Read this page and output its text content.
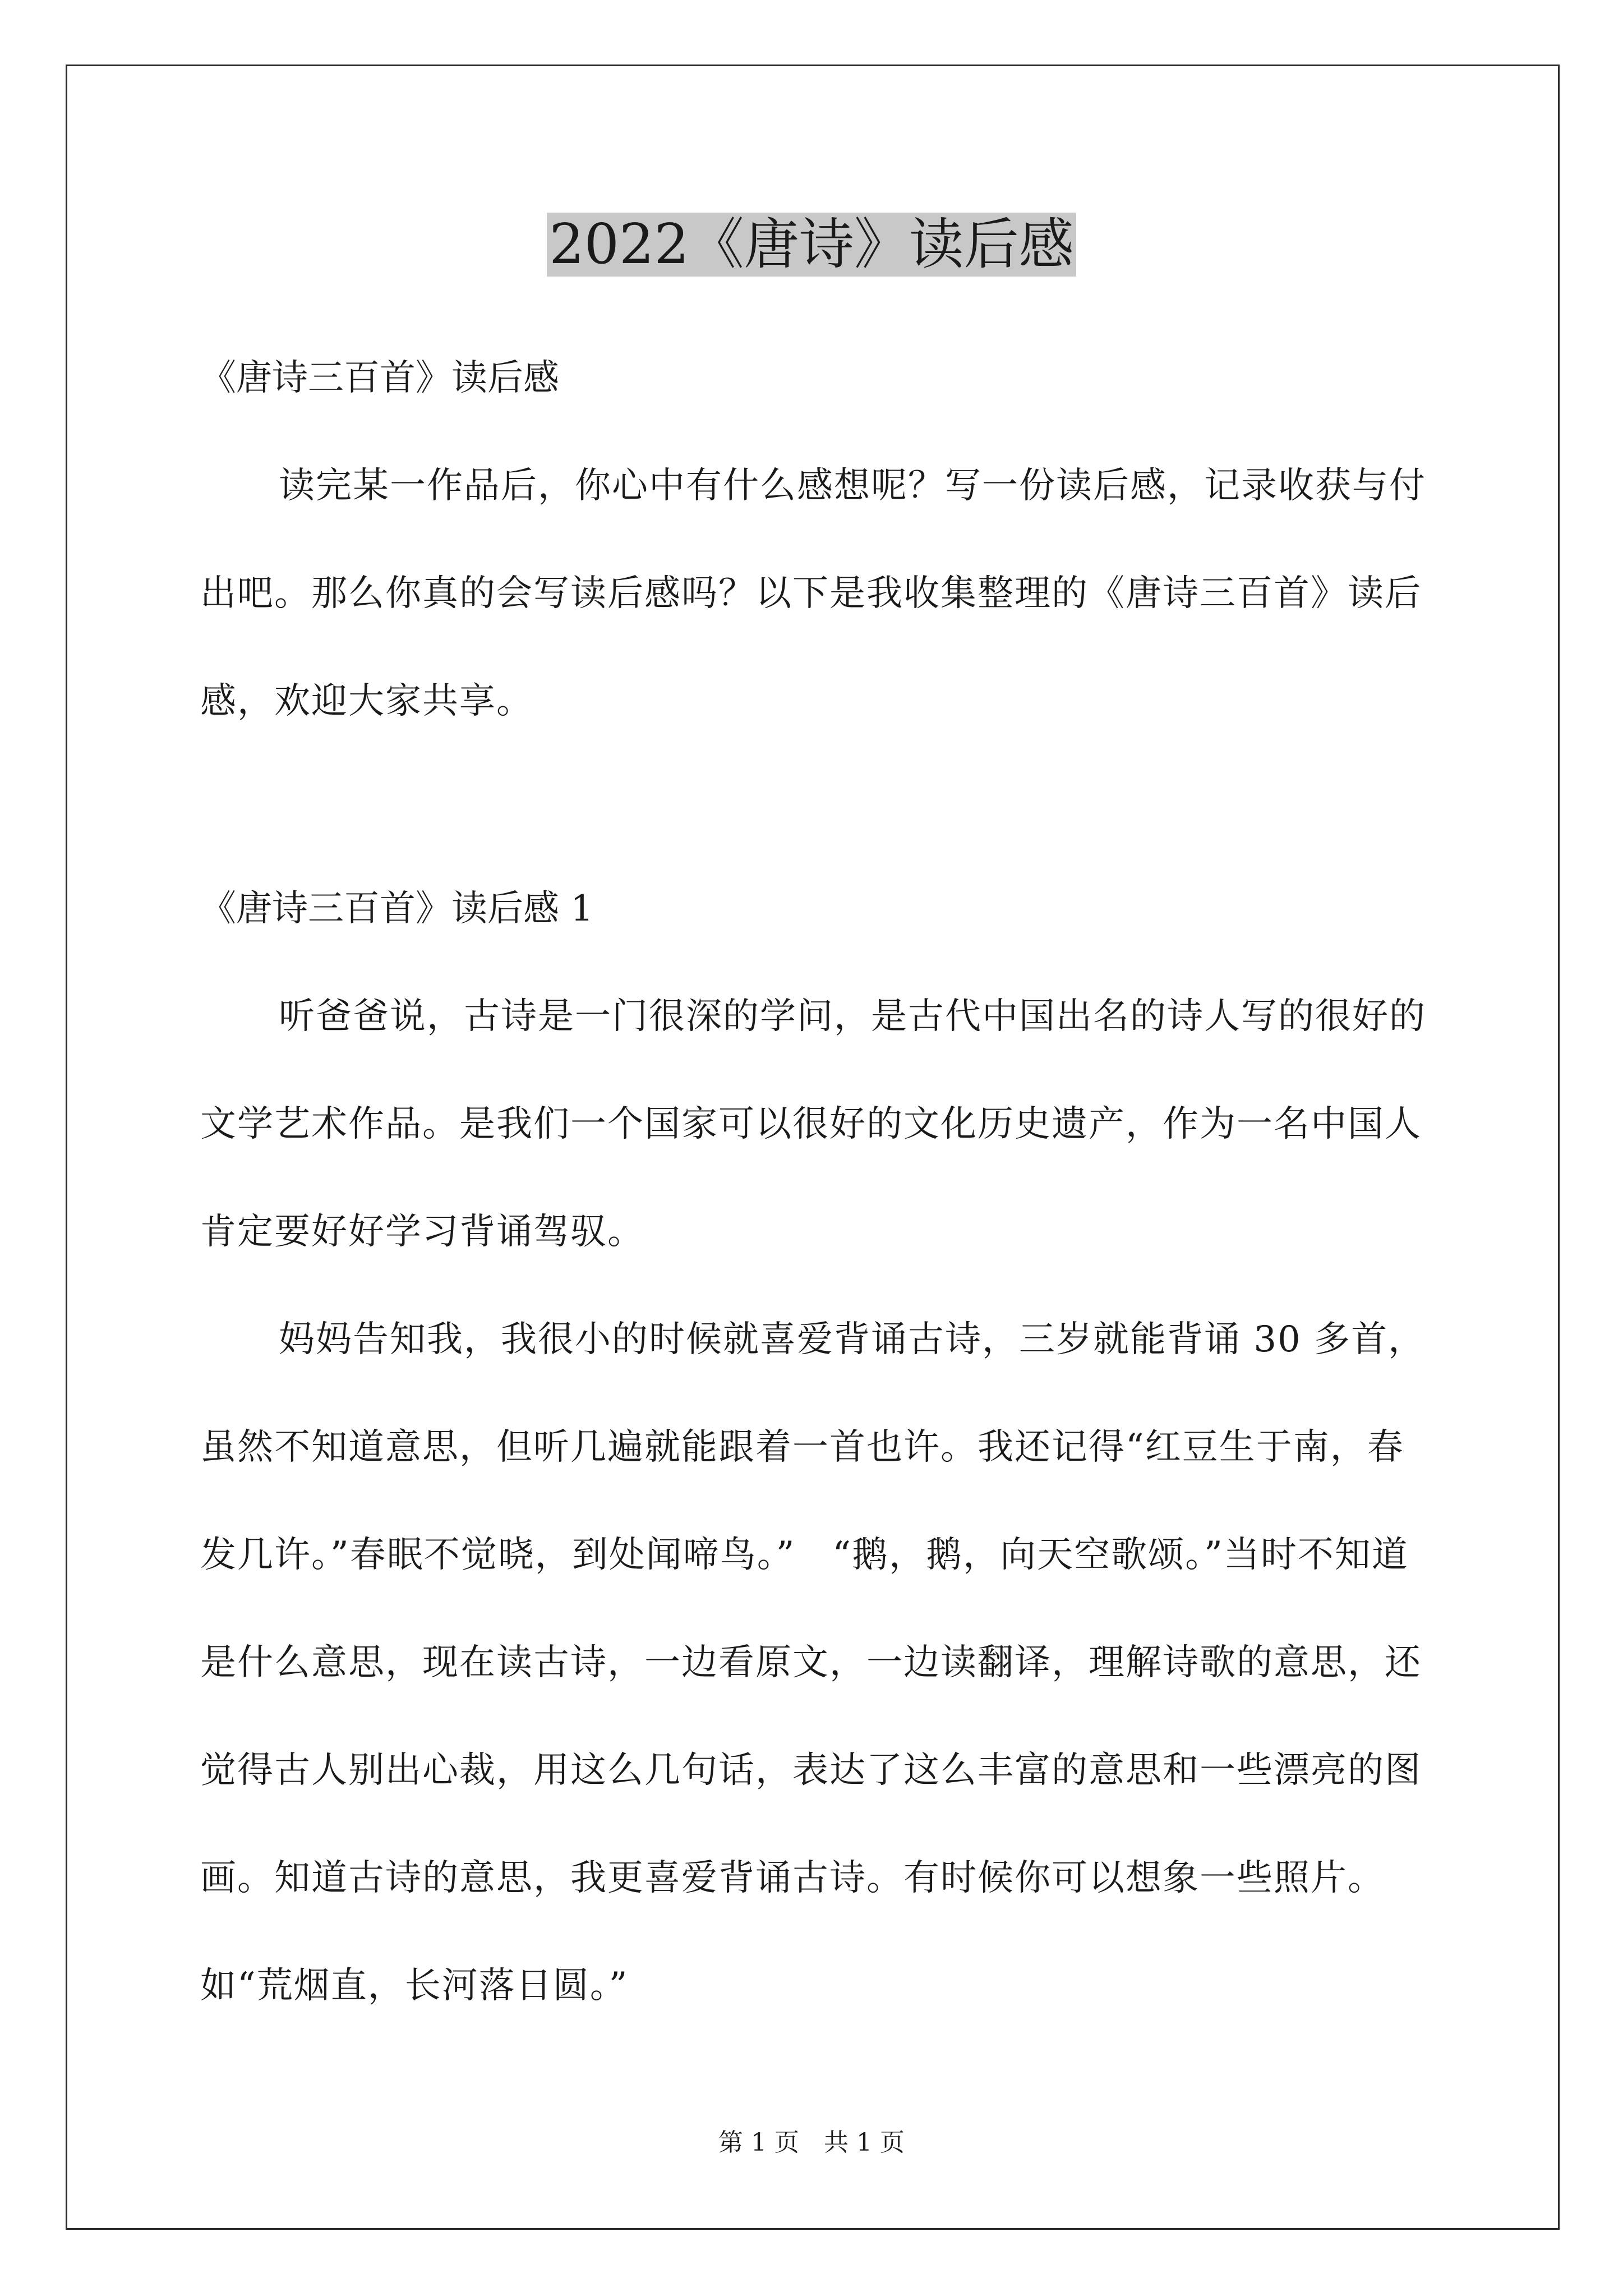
2022《唐诗》读后感

《唐诗三百首》读后感

读完某一作品后，你心中有什么感想呢？写一份读后感，记录收获与付出吧。那么你真的会写读后感吗？以下是我收集整理的《唐诗三百首》读后感，欢迎大家共享。

《唐诗三百首》读后感 1

听爸爸说，古诗是一门很深的学问，是古代中国出名的诗人写的很好的文学艺术作品。是我们一个国家可以很好的文化历史遗产，作为一名中国人肯定要好好学习背诵驾驭。

妈妈告知我，我很小的时候就喜爱背诵古诗，三岁就能背诵 30 多首，虽然不知道意思，但听几遍就能跟着一首也许。我还记得“红豆生于南，春发几许。”春眠不觉晓，到处闻啼鸟。”　“鹅，鹅，向天空歌颂。”当时不知道是什么意思，现在读古诗，一边看原文，一边读翻译，理解诗歌的意思，还觉得古人别出心裁，用这么几句话，表达了这么丰富的意思和一些漂亮的图画。知道古诗的意思，我更喜爱背诵古诗。有时候你可以想象一些照片。如“荒烟直，长河落日圆。”

第 1 页　共 1 页
